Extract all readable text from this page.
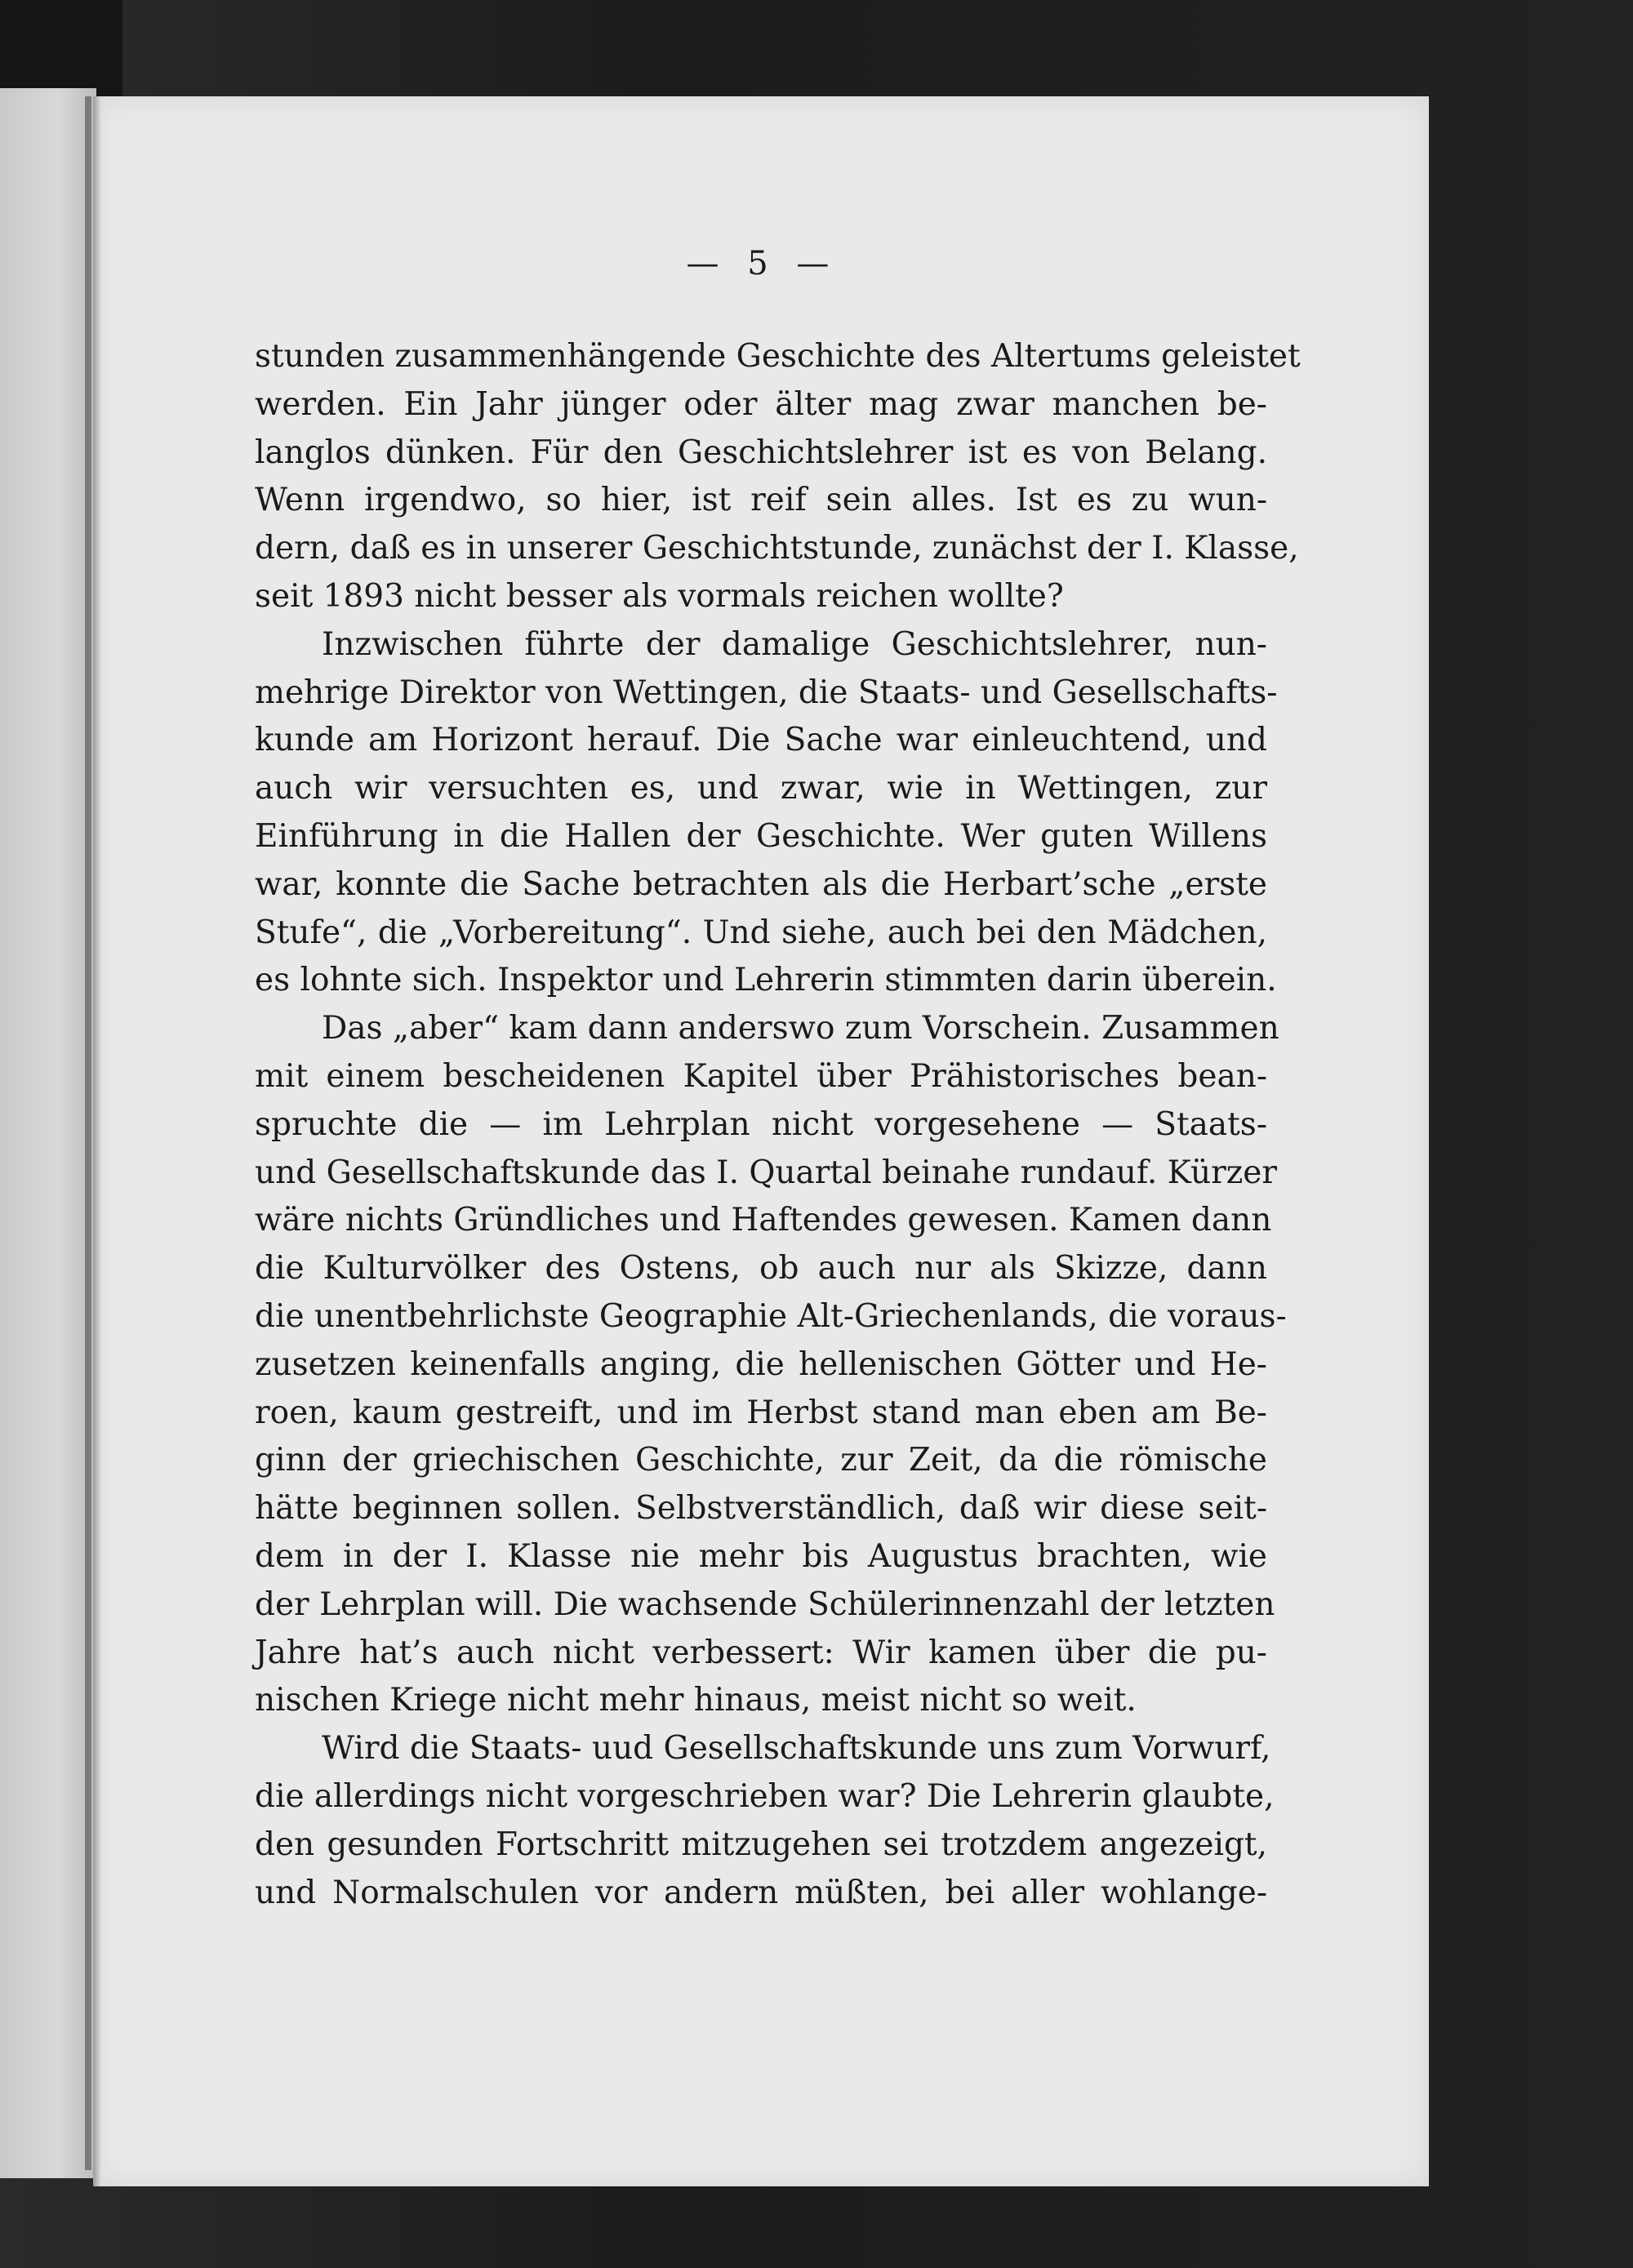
— 5 —
stunden zusammenhängende Geschichte des Altertums geleistet
werden. Ein Jahr jünger oder älter mag zwar manchen be-
langlos dünken. Für den Geschichtslehrer ist es von Belang.
Wenn irgendwo, so hier, ist reif sein alles. Ist es zu wun-
dern, daß es in unserer Geschichtstunde, zunächst der I. Klasse,
seit 1893 nicht besser als vormals reichen wollte?
Inzwischen führte der damalige Geschichtslehrer, nun-
mehrige Direktor von Wettingen, die Staats- und Gesellschafts-
kunde am Horizont herauf. Die Sache war einleuchtend, und
auch wir versuchten es, und zwar, wie in Wettingen, zur
Einführung in die Hallen der Geschichte. Wer guten Willens
war, konnte die Sache betrachten als die Herbart’sche „erste
Stufe“, die „Vorbereitung“. Und siehe, auch bei den Mädchen,
es lohnte sich. Inspektor und Lehrerin stimmten darin überein.
Das „aber“ kam dann anderswo zum Vorschein. Zusammen
mit einem bescheidenen Kapitel über Prähistorisches bean-
spruchte die — im Lehrplan nicht vorgesehene — Staats-
und Gesellschaftskunde das I. Quartal beinahe rundauf. Kürzer
wäre nichts Gründliches und Haftendes gewesen. Kamen dann
die Kulturvölker des Ostens, ob auch nur als Skizze, dann
die unentbehrlichste Geographie Alt-Griechenlands, die voraus-
zusetzen keinenfalls anging, die hellenischen Götter und He-
roen, kaum gestreift, und im Herbst stand man eben am Be-
ginn der griechischen Geschichte, zur Zeit, da die römische
hätte beginnen sollen. Selbstverständlich, daß wir diese seit-
dem in der I. Klasse nie mehr bis Augustus brachten, wie
der Lehrplan will. Die wachsende Schülerinnenzahl der letzten
Jahre hat’s auch nicht verbessert: Wir kamen über die pu-
nischen Kriege nicht mehr hinaus, meist nicht so weit.
Wird die Staats- uud Gesellschaftskunde uns zum Vorwurf,
die allerdings nicht vorgeschrieben war? Die Lehrerin glaubte,
den gesunden Fortschritt mitzugehen sei trotzdem angezeigt,
und Normalschulen vor andern müßten, bei aller wohlange-
